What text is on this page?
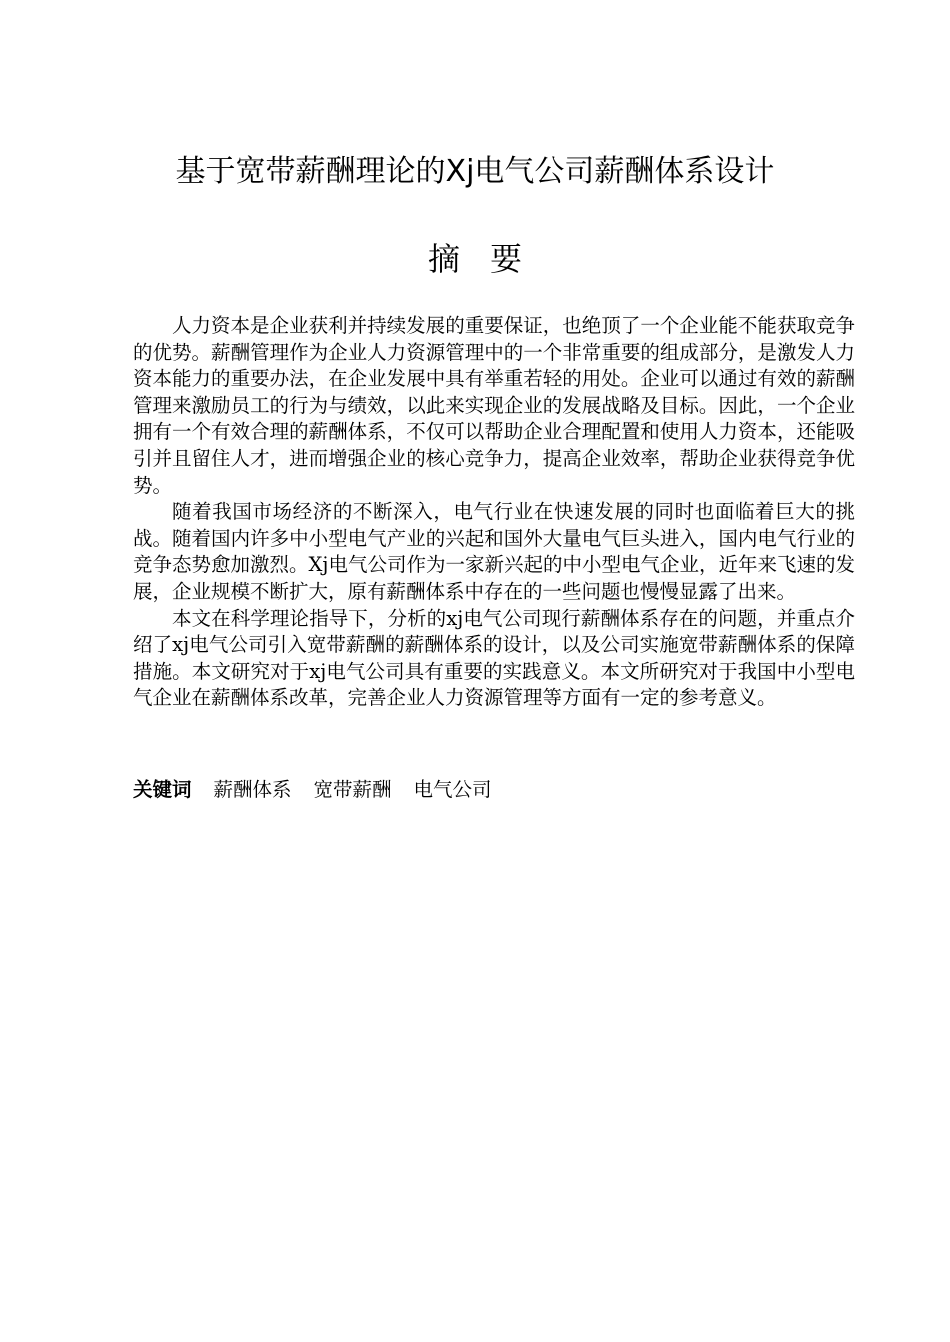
基于宽带薪酬理论的Xj电气公司薪酬体系设计
摘要

人力资本是企业获利并持续发展的重要保证，也绝顶了一个企业能不能获取竞争的优势。薪酬管理作为企业人力资源管理中的一个非常重要的组成部分，是激发人力资本能力的重要办法，在企业发展中具有举重若轻的用处。企业可以通过有效的薪酬管理来激励员工的行为与绩效，以此来实现企业的发展战略及目标。因此，一个企业拥有一个有效合理的薪酬体系，不仅可以帮助企业合理配置和使用人力资本，还能吸引并且留住人才，进而增强企业的核心竞争力，提高企业效率，帮助企业获得竞争优势。

随着我国市场经济的不断深入，电气行业在快速发展的同时也面临着巨大的挑战。随着国内许多中小型电气产业的兴起和国外大量电气巨头进入，国内电气行业的竞争态势愈加激烈。Xj电气公司作为一家新兴起的中小型电气企业，近年来飞速的发展，企业规模不断扩大，原有薪酬体系中存在的一些问题也慢慢显露了出来。

本文在科学理论指导下，分析的xj电气公司现行薪酬体系存在的问题，并重点介绍了xj电气公司引入宽带薪酬的薪酬体系的设计，以及公司实施宽带薪酬体系的保障措施。本文研究对于xj电气公司具有重要的实践意义。本文所研究对于我国中小型电气企业在薪酬体系改革，完善企业人力资源管理等方面有一定的参考意义。

关键词 薪酬体系 宽带薪酬 电气公司
